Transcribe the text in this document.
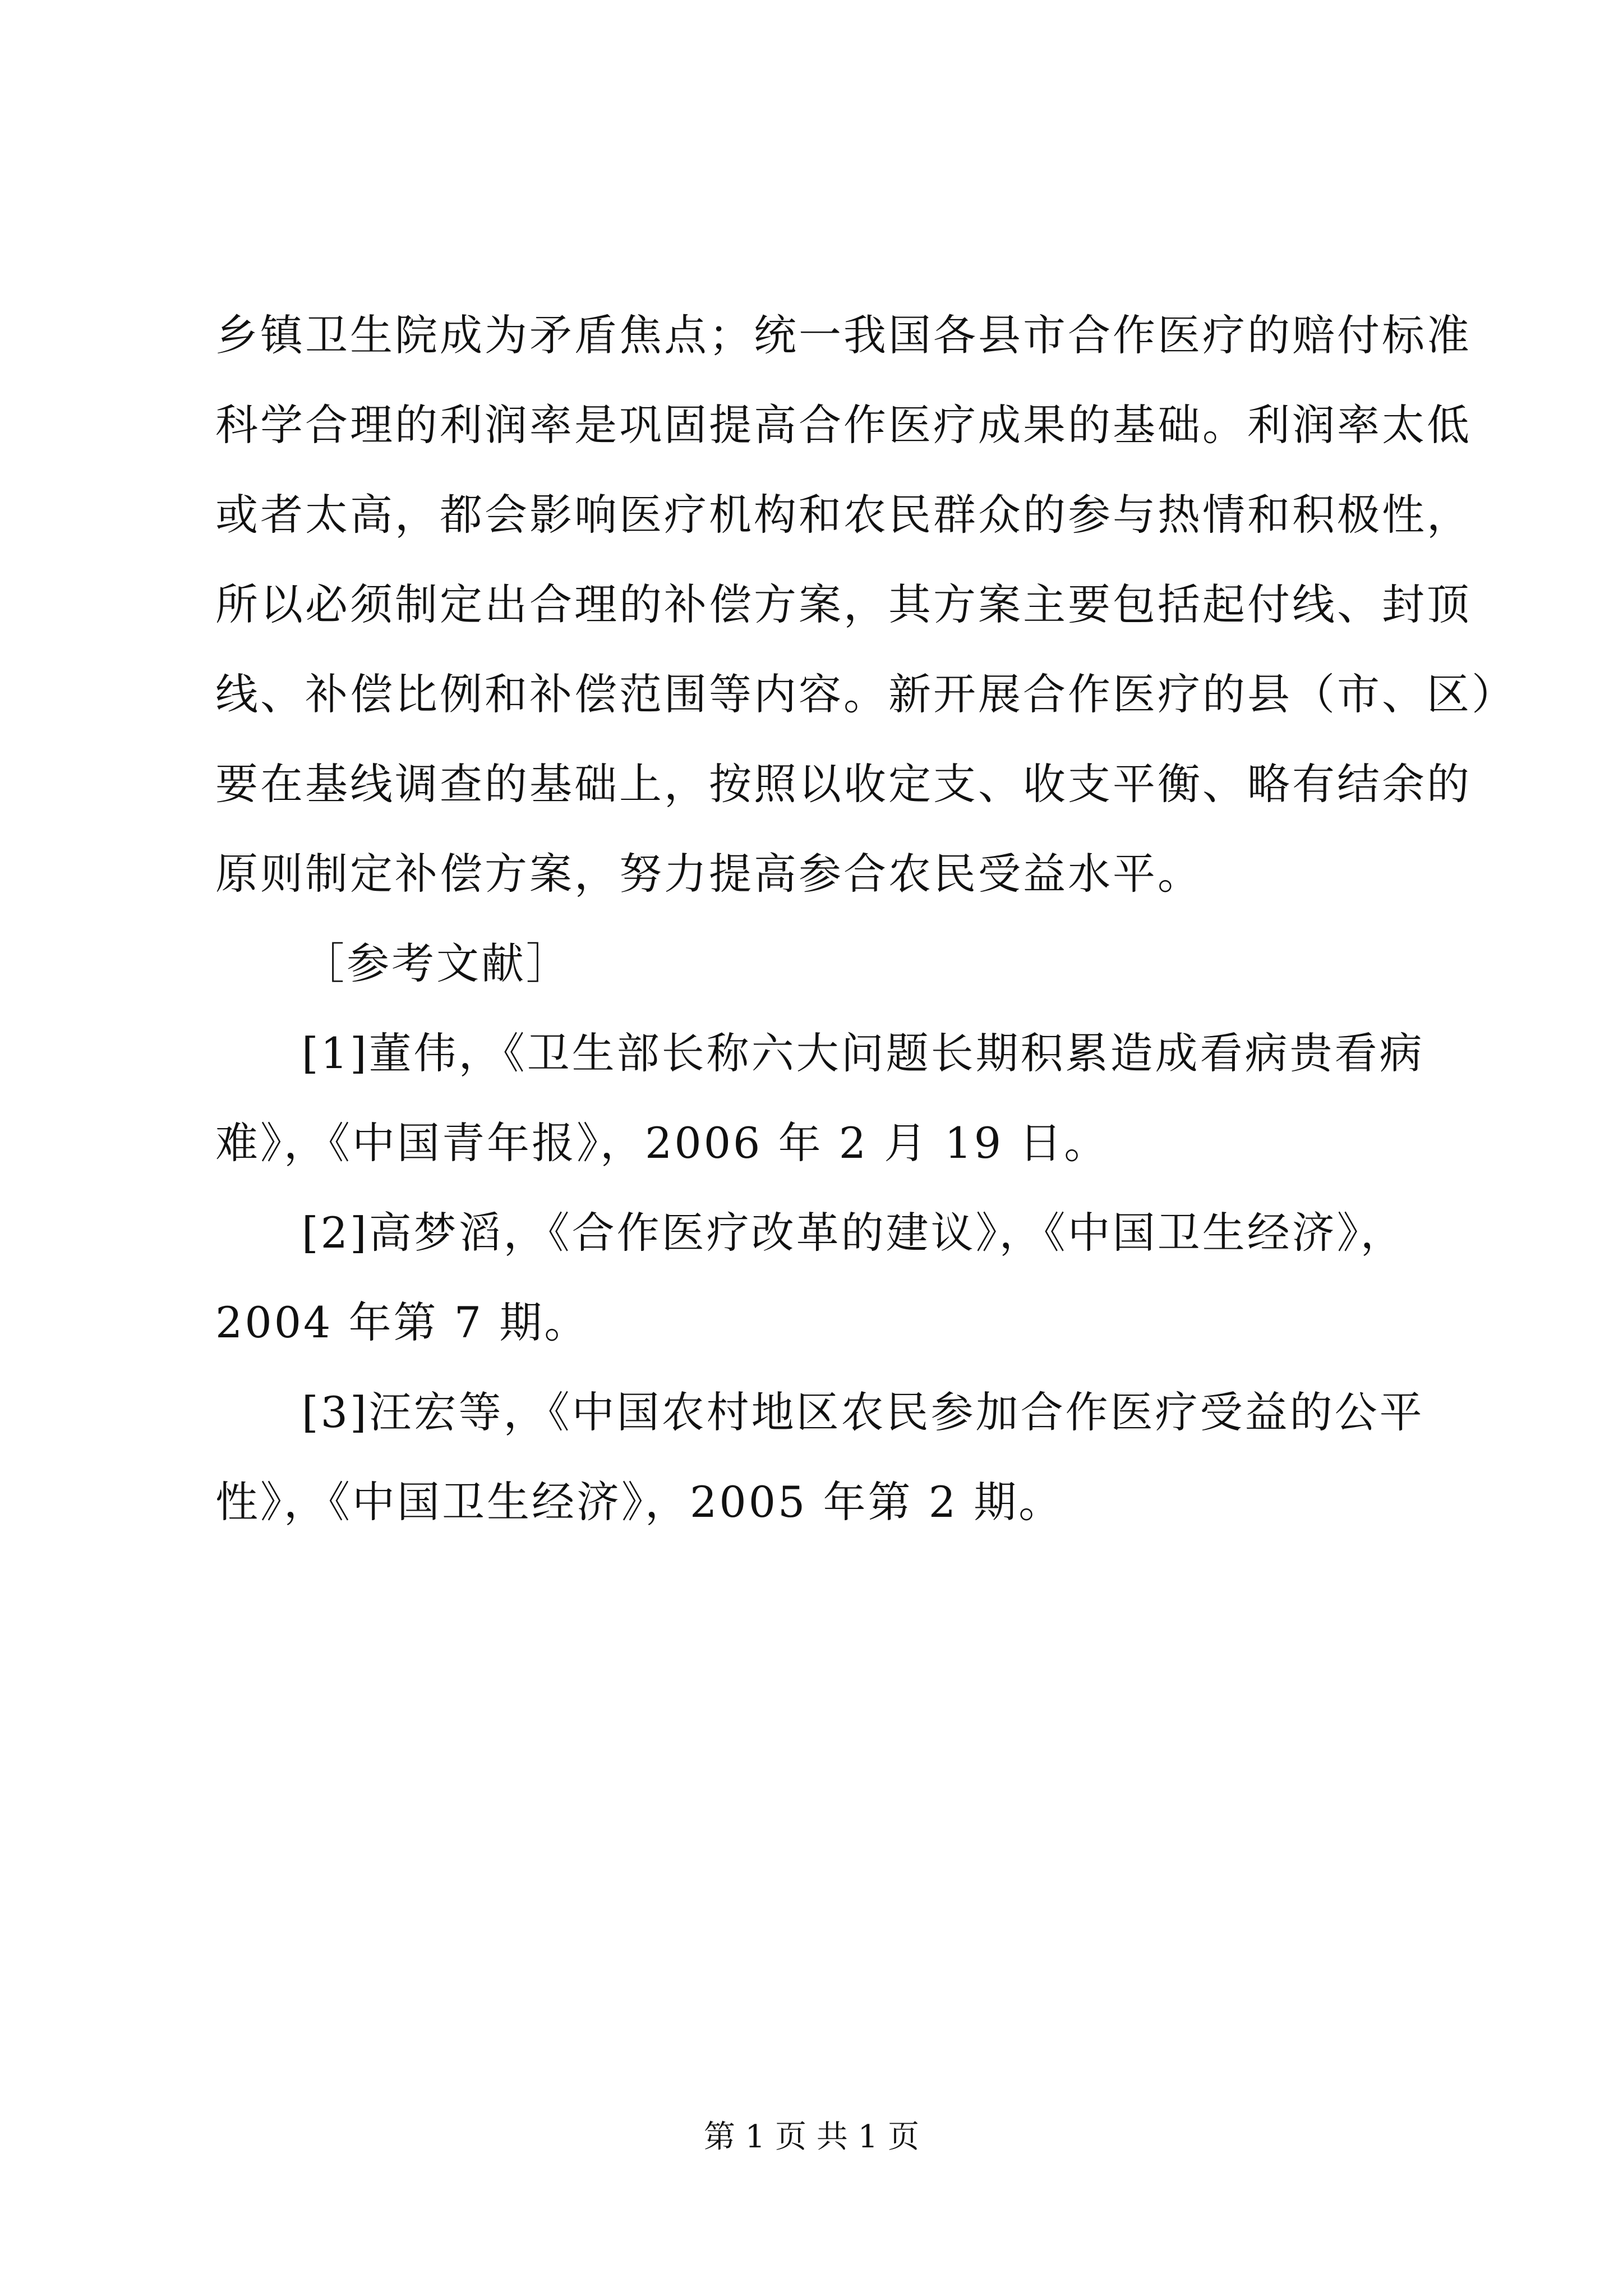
乡镇卫生院成为矛盾焦点；统一我国各县市合作医疗的赔付标准
科学合理的利润率是巩固提高合作医疗成果的基础。利润率太低
或者太高，都会影响医疗机构和农民群众的参与热情和积极性，
所以必须制定出合理的补偿方案，其方案主要包括起付线、封顶
线、补偿比例和补偿范围等内容。新开展合作医疗的县（市、区）
要在基线调查的基础上，按照以收定支、收支平衡、略有结余的
原则制定补偿方案，努力提高参合农民受益水平。
［参考文献］
[1]董伟，《卫生部长称六大问题长期积累造成看病贵看病
难》，《中国青年报》，2006 年 2 月 19 日。
[2]高梦滔，《合作医疗改革的建议》，《中国卫生经济》，
2004 年第 7 期。
[3]汪宏等，《中国农村地区农民参加合作医疗受益的公平
性》，《中国卫生经济》，2005 年第 2 期。
第 1 页 共 1 页
